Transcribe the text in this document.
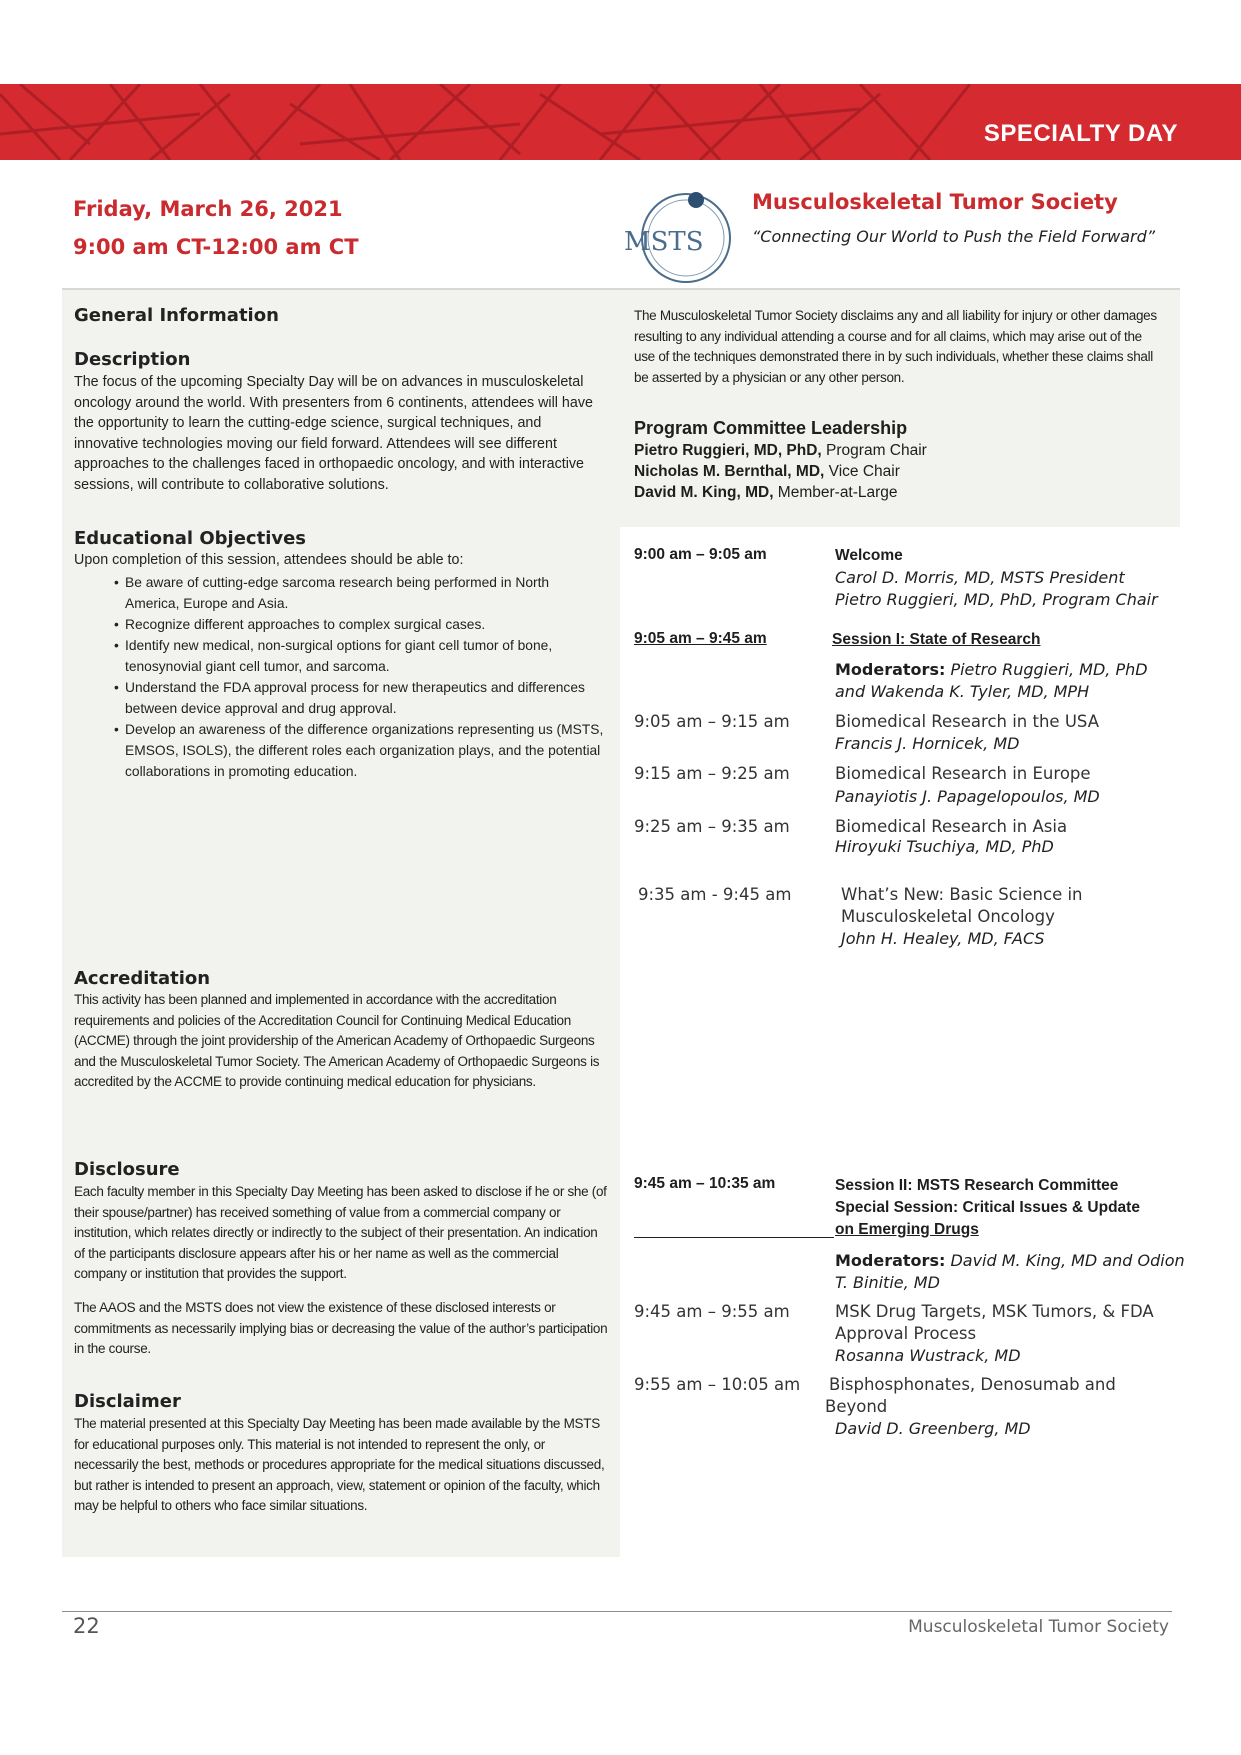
SPECIALTY DAY
Friday, March 26, 2021
9:00 am CT-12:00 am CT	MSTS
Musculoskeletal Tumor Society
“Connecting Our World to Push the Field Forward”
General Information
Description
The focus of the upcoming Specialty Day will be on advances in musculoskeletal oncology around the world. With presenters from 6 continents, attendees will have the opportunity to learn the cutting-edge science, surgical techniques, and innovative technologies moving our field forward. Attendees will see different approaches to the challenges faced in orthopaedic oncology, and with interactive sessions, will contribute to collaborative solutions.
Educational Objectives
Upon completion of this session, attendees should be able to:
• Be aware of cutting-edge sarcoma research being performed in North America, Europe and Asia.
• Recognize different approaches to complex surgical cases.
• Identify new medical, non-surgical options for giant cell tumor of bone, tenosynovial giant cell tumor, and sarcoma.
• Understand the FDA approval process for new therapeutics and differences between device approval and drug approval.
• Develop an awareness of the difference organizations representing us (MSTS, EMSOS, ISOLS), the different roles each organization plays, and the potential collaborations in promoting education.
Accreditation
This activity has been planned and implemented in accordance with the accreditation requirements and policies of the Accreditation Council for Continuing Medical Education (ACCME) through the joint providership of the American Academy of Orthopaedic Surgeons and the Musculoskeletal Tumor Society. The American Academy of Orthopaedic Surgeons is accredited by the ACCME to provide continuing medical education for physicians.
Disclosure
Each faculty member in this Specialty Day Meeting has been asked to disclose if he or she (of their spouse/partner) has received something of value from a commercial company or institution, which relates directly or indirectly to the subject of their presentation. An indication of the participants disclosure appears after his or her name as well as the commercial company or institution that provides the support.
The AAOS and the MSTS does not view the existence of these disclosed interests or commitments as necessarily implying bias or decreasing the value of the author’s participation in the course.
Disclaimer
The material presented at this Specialty Day Meeting has been made available by the MSTS for educational purposes only. This material is not intended to represent the only, or necessarily the best, methods or procedures appropriate for the medical situations discussed, but rather is intended to present an approach, view, statement or opinion of the faculty, which may be helpful to others who face similar situations.
The Musculoskeletal Tumor Society disclaims any and all liability for injury or other damages resulting to any individual attending a course and for all claims, which may arise out of the use of the techniques demonstrated there in by such individuals, whether these claims shall be asserted by a physician or any other person.
Program Committee Leadership
Pietro Ruggieri, MD, PhD, Program Chair
Nicholas M. Bernthal, MD, Vice Chair
David M. King, MD, Member-at-Large
9:00 am – 9:05 am	Welcome
Carol D. Morris, MD, MSTS President
Pietro Ruggieri, MD, PhD, Program Chair
9:05 am – 9:45 am	Session I: State of Research
Moderators: Pietro Ruggieri, MD, PhD
and Wakenda K. Tyler, MD, MPH
9:05 am – 9:15 am	Biomedical Research in the USA
Francis J. Hornicek, MD
9:15 am – 9:25 am	Biomedical Research in Europe
Panayiotis J. Papagelopoulos, MD
9:25 am – 9:35 am	Biomedical Research in Asia
Hiroyuki Tsuchiya, MD, PhD
9:35 am - 9:45 am	What’s New: Basic Science in
Musculoskeletal Oncology
John H. Healey, MD, FACS
9:45 am – 10:35 am	Session II: MSTS Research Committee
Special Session: Critical Issues & Update
on Emerging Drugs
Moderators: David M. King, MD and Odion
T. Binitie, MD
9:45 am – 9:55 am	MSK Drug Targets, MSK Tumors, & FDA
Approval Process
Rosanna Wustrack, MD
9:55 am – 10:05 am Bisphosphonates, Denosumab and
Beyond
David D. Greenberg, MD
22	Musculoskeletal Tumor Society
